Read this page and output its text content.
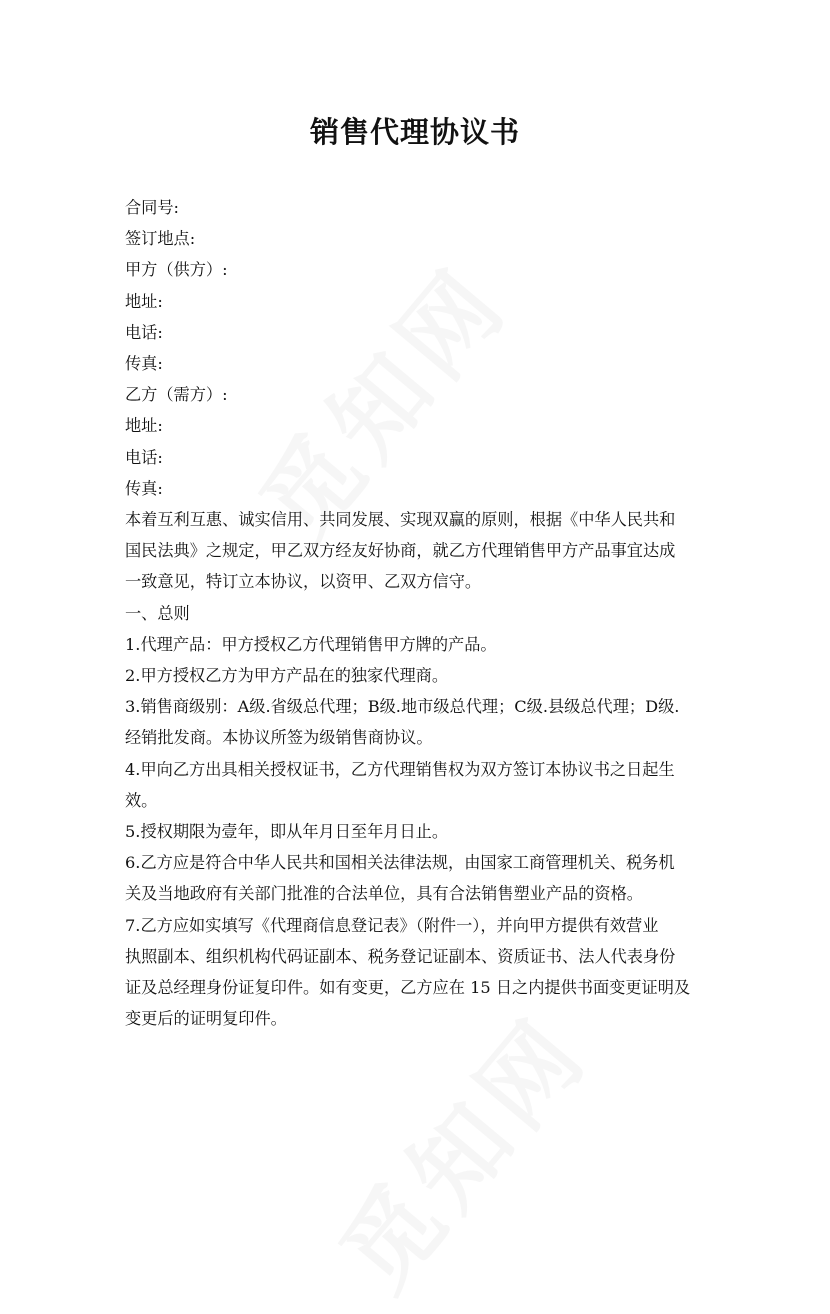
销售代理协议书

合同号:

签订地点:

甲方（供方）:

地址:

电话:

传真:

乙方（需方）:

地址:

电话:

传真:

本着互利互惠、诚实信用、共同发展、实现双赢的原则，根据《中华人民共和

国民法典》之规定，甲乙双方经友好协商，就乙方代理销售甲方产品事宜达成

一致意见，特订立本协议，以资甲、乙双方信守。

一、总则

1.代理产品：甲方授权乙方代理销售甲方牌的产品。

2.甲方授权乙方为甲方产品在的独家代理商。

3.销售商级别：A级.省级总代理；B级.地市级总代理；C级.县级总代理；D级.

经销批发商。本协议所签为级销售商协议。

4.甲向乙方出具相关授权证书，乙方代理销售权为双方签订本协议书之日起生

效。

5.授权期限为壹年，即从年月日至年月日止。

6.乙方应是符合中华人民共和国相关法律法规，由国家工商管理机关、税务机

关及当地政府有关部门批准的合法单位，具有合法销售塑业产品的资格。

7.乙方应如实填写《代理商信息登记表》（附件一），并向甲方提供有效营业

执照副本、组织机构代码证副本、税务登记证副本、资质证书、法人代表身份

证及总经理身份证复印件。如有变更，乙方应在 15 日之内提供书面变更证明及

变更后的证明复印件。
